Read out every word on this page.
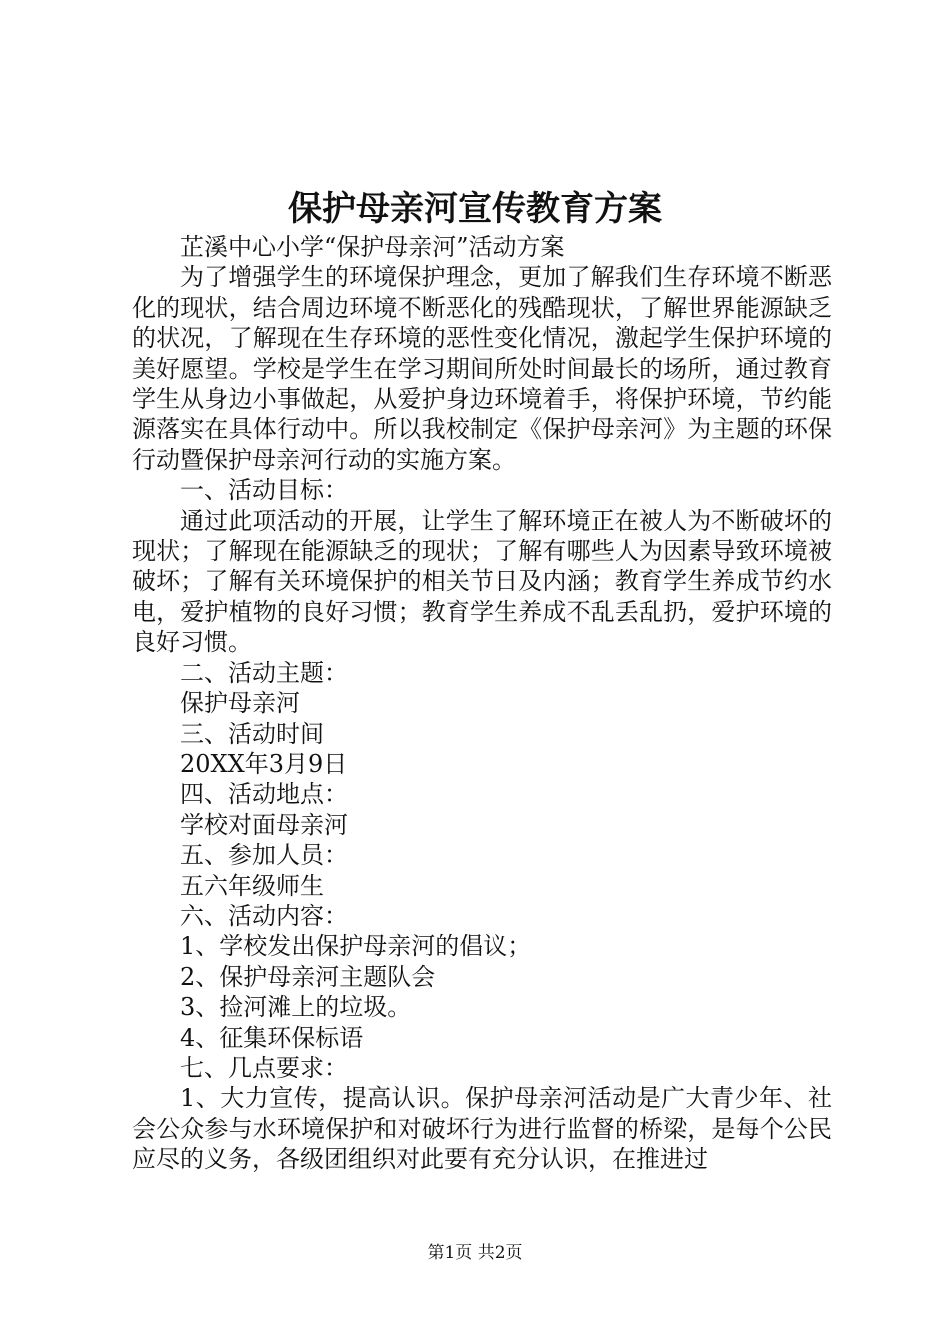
保护母亲河宣传教育方案

芷溪中心小学“保护母亲河”活动方案

为了增强学生的环境保护理念，更加了解我们生存环境不断恶化的现状，结合周边环境不断恶化的残酷现状，了解世界能源缺乏的状况，了解现在生存环境的恶性变化情况，激起学生保护环境的美好愿望。学校是学生在学习期间所处时间最长的场所，通过教育学生从身边小事做起，从爱护身边环境着手，将保护环境，节约能源落实在具体行动中。所以我校制定《保护母亲河》为主题的环保行动暨保护母亲河行动的实施方案。

一、活动目标：

通过此项活动的开展，让学生了解环境正在被人为不断破坏的现状；了解现在能源缺乏的现状；了解有哪些人为因素导致环境被破坏；了解有关环境保护的相关节日及内涵；教育学生养成节约水电，爱护植物的良好习惯；教育学生养成不乱丢乱扔，爱护环境的良好习惯。

二、活动主题：

保护母亲河

三、活动时间

20XX年3月9日

四、活动地点：

学校对面母亲河

五、参加人员：

五六年级师生

六、活动内容：

1、学校发出保护母亲河的倡议；

2、保护母亲河主题队会

3、捡河滩上的垃圾。

4、征集环保标语

七、几点要求：

1、大力宣传，提高认识。保护母亲河活动是广大青少年、社会公众参与水环境保护和对破坏行为进行监督的桥梁，是每个公民应尽的义务，各级团组织对此要有充分认识，在推进过

第1页 共2页
